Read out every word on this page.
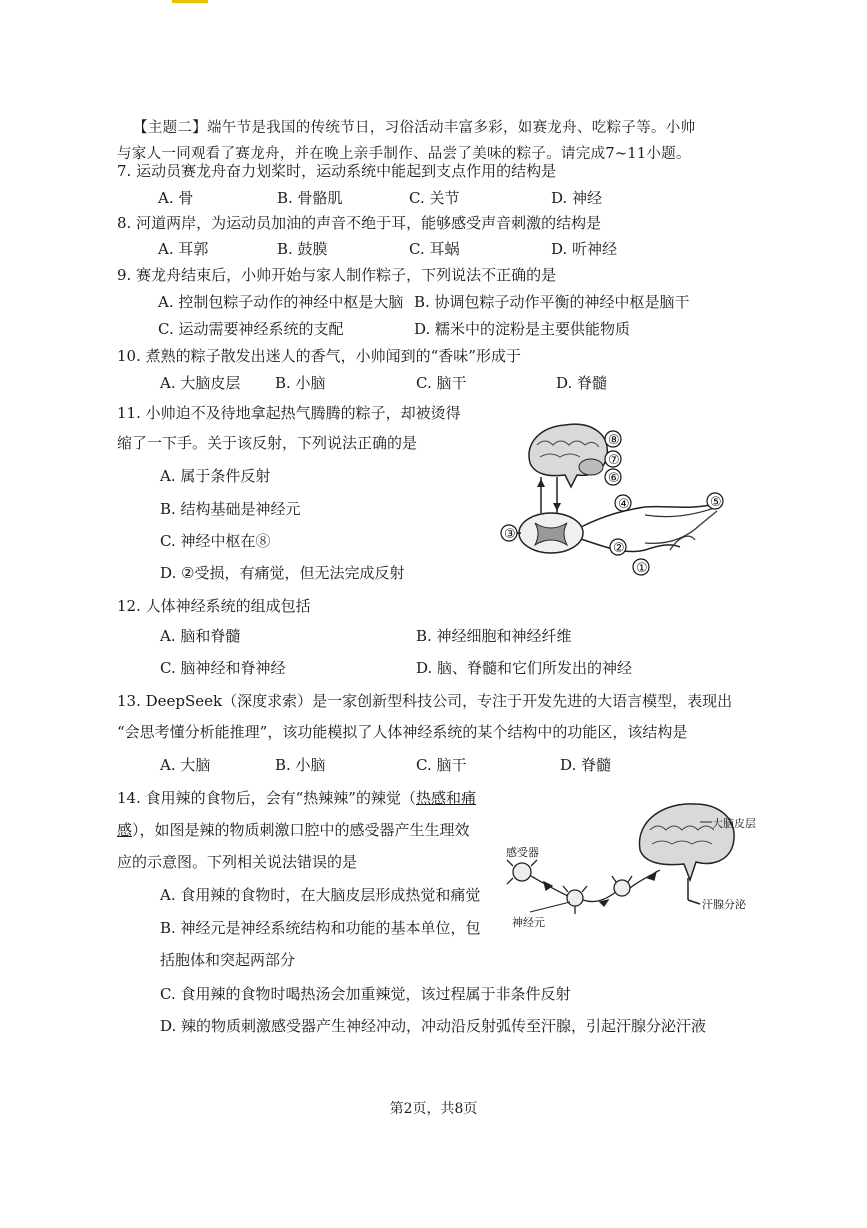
【主题二】端午节是我国的传统节日，习俗活动丰富多彩，如赛龙舟、吃粽子等。小帅
与家人一同观看了赛龙舟，并在晚上亲手制作、品尝了美味的粽子。请完成7~11小题。
7. 运动员赛龙舟奋力划桨时，运动系统中能起到支点作用的结构是
A. 骨	B. 骨骼肌	C. 关节	D. 神经
8. 河道两岸，为运动员加油的声音不绝于耳，能够感受声音刺激的结构是
A. 耳郭	B. 鼓膜	C. 耳蜗	D. 听神经
9. 赛龙舟结束后，小帅开始与家人制作粽子，下列说法不正确的是
A. 控制包粽子动作的神经中枢是大脑 B. 协调包粽子动作平衡的神经中枢是脑干
C. 运动需要神经系统的支配	D. 糯米中的淀粉是主要供能物质
10. 煮熟的粽子散发出迷人的香气，小帅闻到的“香味”形成于
A. 大脑皮层 B. 小脑	C. 脑干	D. 脊髓
11. 小帅迫不及待地拿起热气腾腾的粽子，却被烫得
缩了一下手。关于该反射，下列说法正确的是
A. 属于条件反射
B. 结构基础是神经元
C. 神经中枢在⑧
D. ②受损，有痛觉，但无法完成反射
⑧
⑦
⑥
④	⑤
③
②
①
12. 人体神经系统的组成包括
A. 脑和脊髓	B. 神经细胞和神经纤维
C. 脑神经和脊神经	D. 脑、脊髓和它们所发出的神经
13. DeepSeek（深度求索）是一家创新型科技公司，专注于开发先进的大语言模型，表现出
“会思考懂分析能推理”，该功能模拟了人体神经系统的某个结构中的功能区，该结构是
A. 大脑	B. 小脑	C. 脑干	D. 脊髓
14. 食用辣的食物后，会有“热辣辣”的辣觉（热感和痛
感），如图是辣的物质刺激口腔中的感受器产生生理效
应的示意图。下列相关说法错误的是
A. 食用辣的食物时，在大脑皮层形成热觉和痛觉
B. 神经元是神经系统结构和功能的基本单位，包
括胞体和突起两部分
C. 食用辣的食物时喝热汤会加重辣觉，该过程属于非条件反射
D. 辣的物质刺激感受器产生神经冲动，冲动沿反射弧传至汗腺，引起汗腺分泌汗液
大脑皮层
感受器
汗腺分泌
神经元
第2页，共8页
